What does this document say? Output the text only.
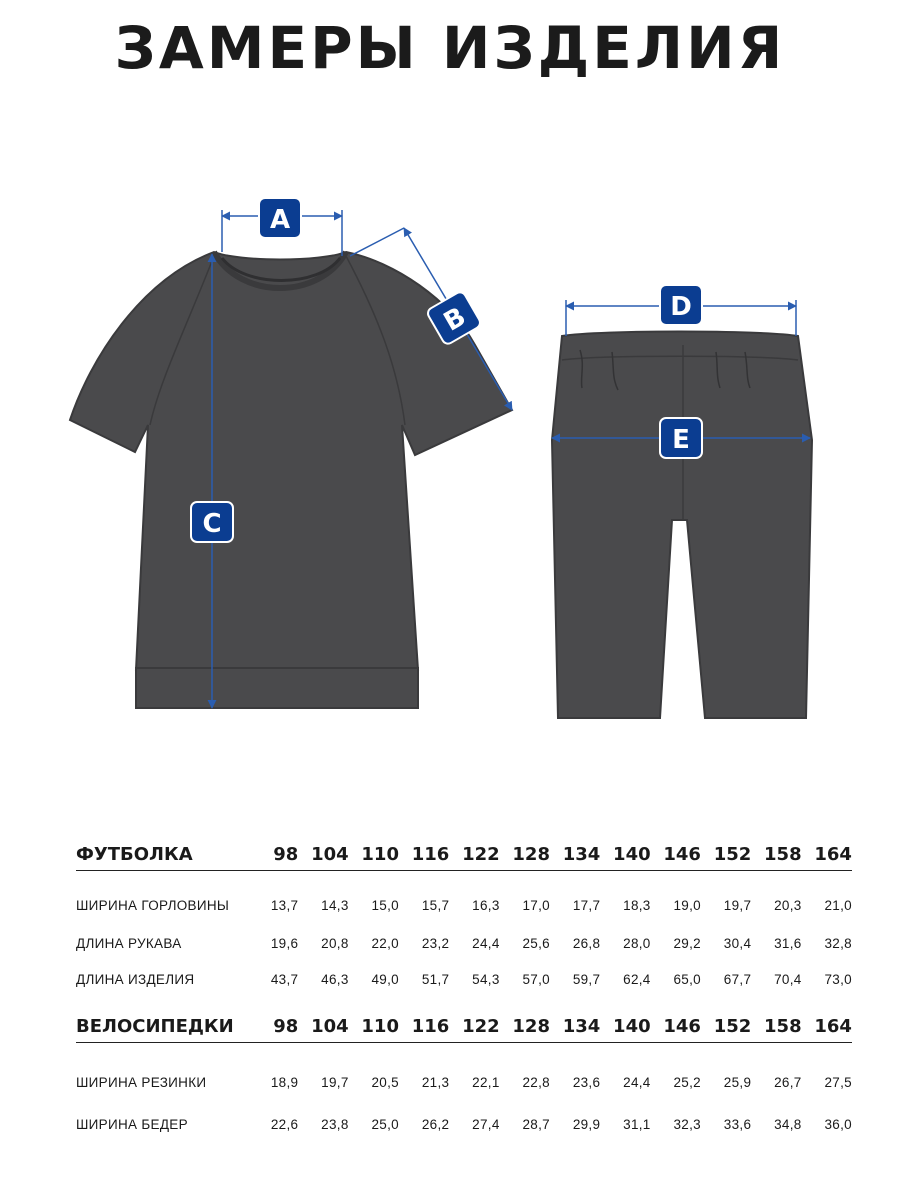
ЗАМЕРЫ ИЗДЕЛИЯ
A
B
C
D
E
ФУТБОЛКА	98 104 110 116 122 128 134 140 146 152 158 164
ШИРИНА ГОРЛОВИНЫ	13,7	14,3	15,0	15,7	16,3	17,0	17,7	18,3	19,0	19,7	20,3	21,0
ДЛИНА РУКАВА	19,6	20,8	22,0	23,2	24,4	25,6	26,8	28,0	29,2	30,4	31,6	32,8
ДЛИНА ИЗДЕЛИЯ	43,7	46,3	49,0	51,7	54,3	57,0	59,7	62,4	65,0	67,7	70,4	73,0
ВЕЛОСИПЕДКИ	98 104 110 116 122 128 134 140 146 152 158 164
ШИРИНА РЕЗИНКИ	18,9	19,7	20,5	21,3	22,1	22,8	23,6	24,4	25,2	25,9	26,7	27,5
ШИРИНА БЕДЕР	22,6	23,8	25,0	26,2	27,4	28,7	29,9	31,1	32,3	33,6	34,8	36,0
